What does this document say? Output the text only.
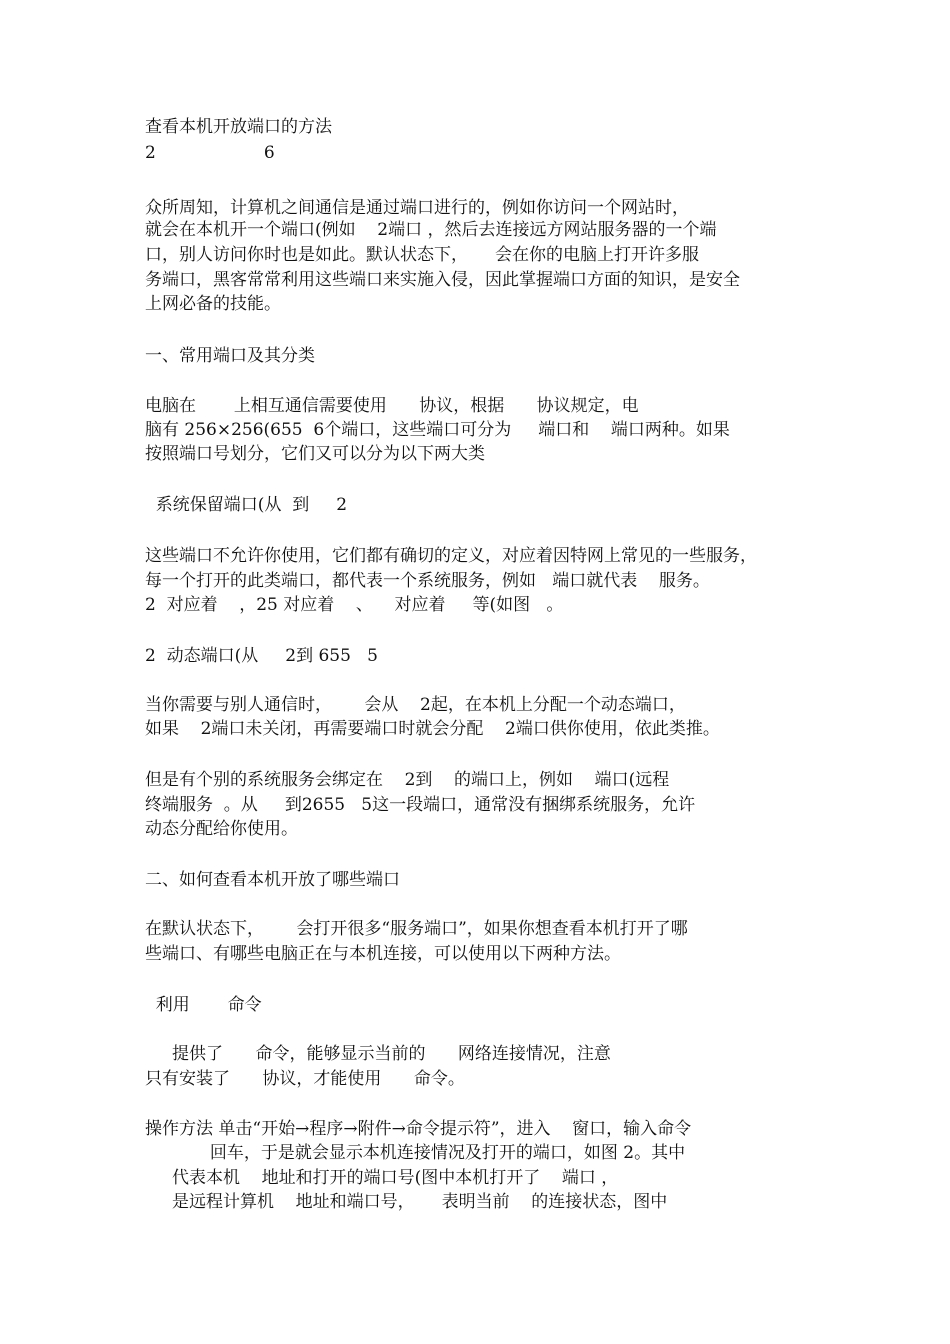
查看本机开放端口的方法
2                    6
众所周知，计算机之间通信是通过端口进行的，例如你访问一个网站时，
就会在本机开一个端口(例如    2端口 ，然后去连接远方网站服务器的一个端
口，别人访问你时也是如此。默认状态下，     会在你的电脑上打开许多服
务端口，黑客常常利用这些端口来实施入侵，因此掌握端口方面的知识，是安全
上网必备的技能。
一、常用端口及其分类
电脑在       上相互通信需要使用      协议，根据      协议规定，电
脑有 256×256(655  6个端口，这些端口可分为     端口和    端口两种。如果
按照端口号划分，它们又可以分为以下两大类
系统保留端口(从  到     2
这些端口不允许你使用，它们都有确切的定义，对应着因特网上常见的一些服务，
每一个打开的此类端口，都代表一个系统服务，例如   端口就代表    服务。
2  对应着    ，25 对应着    、    对应着     等(如图   。
2  动态端口(从     2到 655   5
当你需要与别人通信时，      会从    2起，在本机上分配一个动态端口，
如果    2端口未关闭，再需要端口时就会分配    2端口供你使用，依此类推。
但是有个别的系统服务会绑定在    2到    的端口上，例如    端口(远程
终端服务  。从     到2655   5这一段端口，通常没有捆绑系统服务，允许
动态分配给你使用。
二、如何查看本机开放了哪些端口
在默认状态下，      会打开很多“服务端口”，如果你想查看本机打开了哪
些端口、有哪些电脑正在与本机连接，可以使用以下两种方法。
利用       命令
提供了      命令，能够显示当前的      网络连接情况，注意
只有安装了      协议，才能使用      命令。
操作方法 单击“开始→程序→附件→命令提示符”，进入    窗口，输入命令
回车，于是就会显示本机连接情况及打开的端口，如图 2。其中
代表本机    地址和打开的端口号(图中本机打开了    端口 ，
是远程计算机    地址和端口号，     表明当前    的连接状态，图中
